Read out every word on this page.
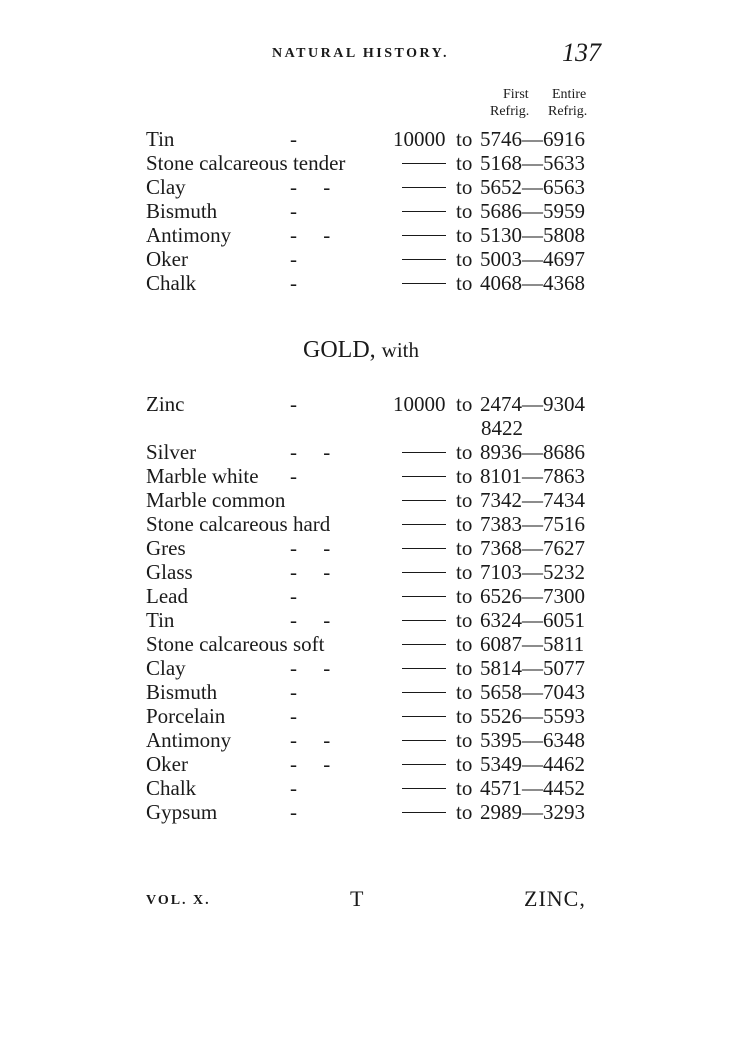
NATURAL HISTORY.	137
First Entire
Refrig. Refrig.
Tin	-	10000 to 5746—6916
Stone calcareous tender	to 5168—5633
Clay	-     -	to 5652—6563
Bismuth	-	to 5686—5959
Antimony	-     -	to 5130—5808
Oker	-	to 5003—4697
Chalk	-	to 4068—4368
GOLD, with
Zinc	-	10000 to 2474—9304
8422
Silver	-     -	to 8936—8686
Marble white -	to 8101—7863
Marble common	to 7342—7434
Stone calcareous hard	to 7383—7516
Gres	-     -	to 7368—7627
Glass	-     -	to 7103—5232
Lead	-	to 6526—7300
Tin	-     -	to 6324—6051
Stone calcareous soft	to 6087—5811
Clay	-     -	to 5814—5077
Bismuth	-	to 5658—7043
Porcelain	-	to 5526—5593
Antimony	-     -	to 5395—6348
Oker	-     -	to 5349—4462
Chalk	-	to 4571—4452
Gypsum	-	to 2989—3293
VOL. X.	T	ZINC,
